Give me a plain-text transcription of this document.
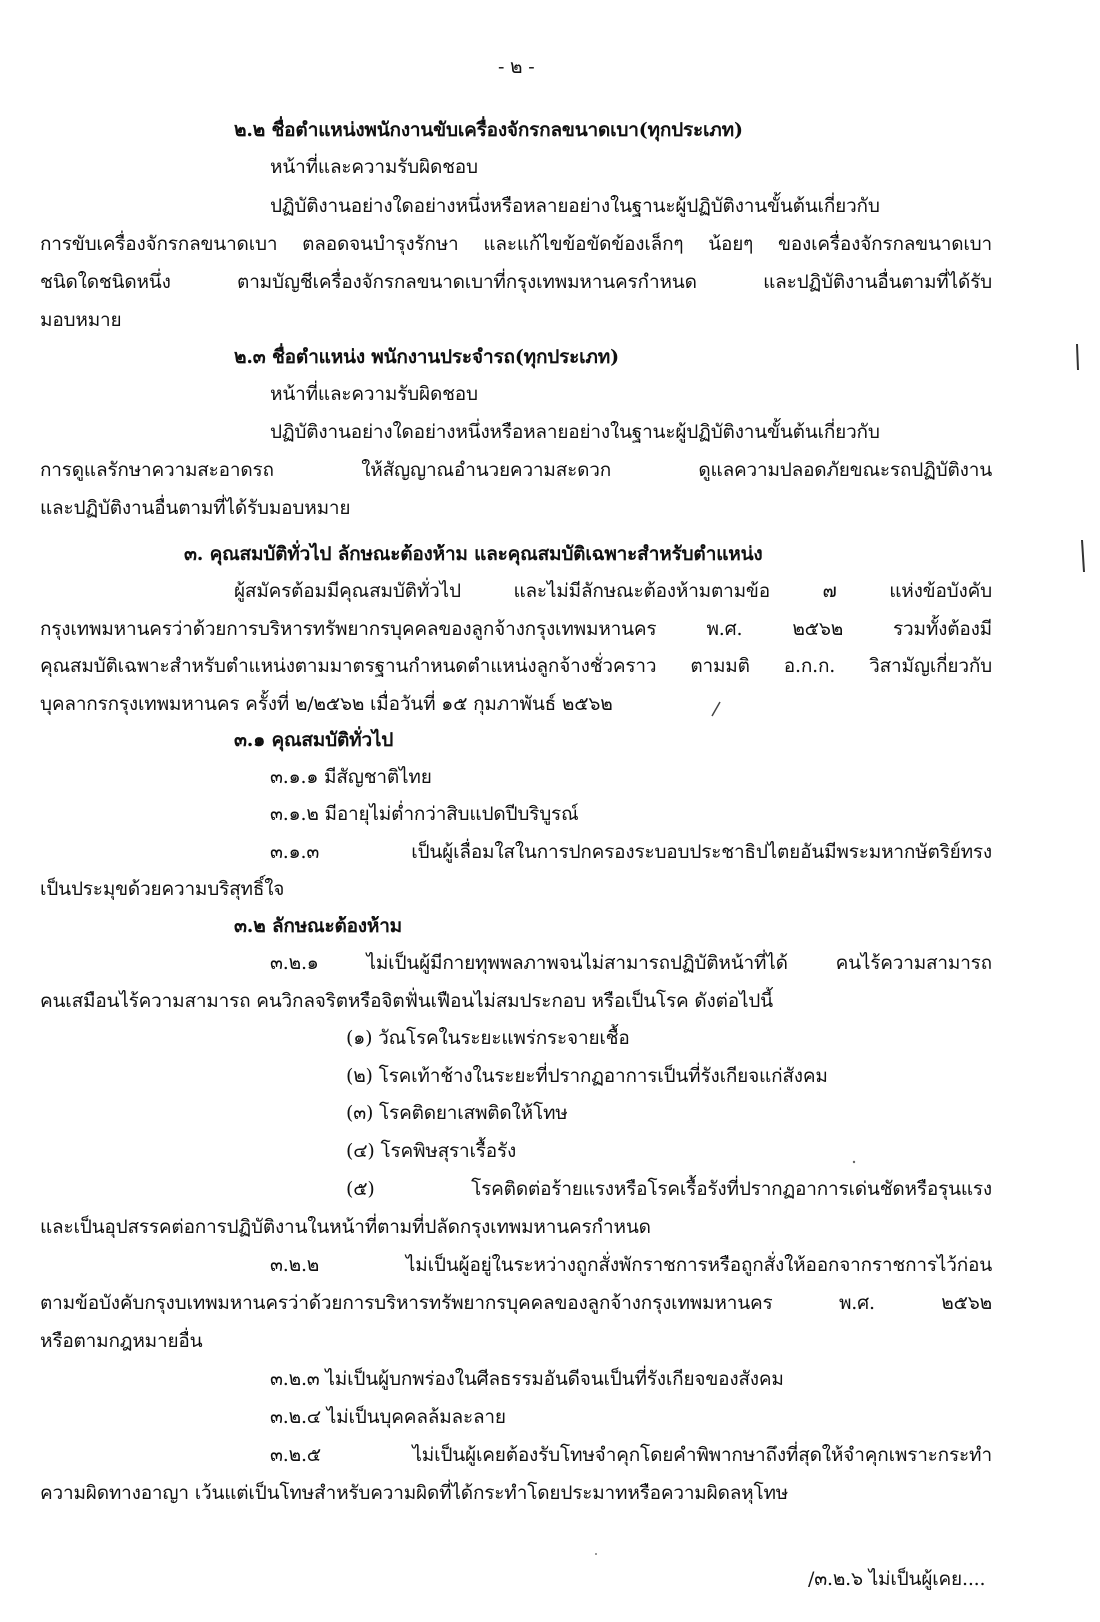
- ๒ -
๒.๒ ชื่อตำแหน่งพนักงานขับเครื่องจักรกลขนาดเบา(ทุกประเภท)
หน้าที่และความรับผิดชอบ
ปฏิบัติงานอย่างใดอย่างหนึ่งหรือหลายอย่างในฐานะผู้ปฏิบัติงานขั้นต้นเกี่ยวกับ
การขับเครื่องจักรกลขนาดเบา ตลอดจนบำรุงรักษา และแก้ไขข้อขัดข้องเล็กๆ น้อยๆ ของเครื่องจักรกลขนาดเบา
ชนิดใดชนิดหนึ่ง ตามบัญชีเครื่องจักรกลขนาดเบาที่กรุงเทพมหานครกำหนด และปฏิบัติงานอื่นตามที่ได้รับ
มอบหมาย
๒.๓ ชื่อตำแหน่ง พนักงานประจำรถ(ทุกประเภท)
หน้าที่และความรับผิดชอบ
ปฏิบัติงานอย่างใดอย่างหนึ่งหรือหลายอย่างในฐานะผู้ปฏิบัติงานขั้นต้นเกี่ยวกับ
การดูแลรักษาความสะอาดรถ ให้สัญญาณอำนวยความสะดวก ดูแลความปลอดภัยขณะรถปฏิบัติงาน
และปฏิบัติงานอื่นตามที่ได้รับมอบหมาย
๓. คุณสมบัติทั่วไป ลักษณะต้องห้าม และคุณสมบัติเฉพาะสำหรับตำแหน่ง
ผู้สมัครต้อมมีคุณสมบัติทั่วไป และไม่มีลักษณะต้องห้ามตามข้อ ๗ แห่งข้อบังคับ
กรุงเทพมหานครว่าด้วยการบริหารทรัพยากรบุคคลของลูกจ้างกรุงเทพมหานคร พ.ศ. ๒๕๖๒ รวมทั้งต้องมี
คุณสมบัติเฉพาะสำหรับตำแหน่งตามมาตรฐานกำหนดตำแหน่งลูกจ้างชั่วคราว ตามมติ อ.ก.ก. วิสามัญเกี่ยวกับ
บุคลากรกรุงเทพมหานคร ครั้งที่ ๒/๒๕๖๒ เมื่อวันที่ ๑๕ กุมภาพันธ์ ๒๕๖๒
๓.๑ คุณสมบัติทั่วไป
๓.๑.๑ มีสัญชาติไทย
๓.๑.๒ มีอายุไม่ต่ำกว่าสิบแปดปีบริบูรณ์
๓.๑.๓ เป็นผู้เลื่อมใสในการปกครองระบอบประชาธิปไตยอันมีพระมหากษัตริย์ทรง
เป็นประมุขด้วยความบริสุทธิ์ใจ
๓.๒ ลักษณะต้องห้าม
๓.๒.๑ ไม่เป็นผู้มีกายทุพพลภาพจนไม่สามารถปฏิบัติหน้าที่ได้ คนไร้ความสามารถ
คนเสมือนไร้ความสามารถ คนวิกลจริตหรือจิตฟั่นเฟือนไม่สมประกอบ หรือเป็นโรค ดังต่อไปนี้
(๑) วัณโรคในระยะแพร่กระจายเชื้อ
(๒) โรคเท้าช้างในระยะที่ปรากฏอาการเป็นที่รังเกียจแก่สังคม
(๓) โรคติดยาเสพติดให้โทษ
(๔) โรคพิษสุราเรื้อรัง
(๕) โรคติดต่อร้ายแรงหรือโรคเรื้อรังที่ปรากฏอาการเด่นชัดหรือรุนแรง
และเป็นอุปสรรคต่อการปฏิบัติงานในหน้าที่ตามที่ปลัดกรุงเทพมหานครกำหนด
๓.๒.๒ ไม่เป็นผู้อยู่ในระหว่างถูกสั่งพักราชการหรือถูกสั่งให้ออกจากราชการไว้ก่อน
ตามข้อบังคับกรุงบเทพมหานครว่าด้วยการบริหารทรัพยากรบุคคลของลูกจ้างกรุงเทพมหานคร พ.ศ. ๒๕๖๒
หรือตามกฎหมายอื่น
๓.๒.๓ ไม่เป็นผู้บกพร่องในศีลธรรมอันดีจนเป็นที่รังเกียจของสังคม
๓.๒.๔ ไม่เป็นบุคคลล้มละลาย
๓.๒.๕ ไม่เป็นผู้เคยต้องรับโทษจำคุกโดยคำพิพากษาถึงที่สุดให้จำคุกเพราะกระทำ
ความผิดทางอาญา เว้นแต่เป็นโทษสำหรับความผิดที่ได้กระทำโดยประมาทหรือความผิดลหุโทษ
/๓.๒.๖ ไม่เป็นผู้เคย....
